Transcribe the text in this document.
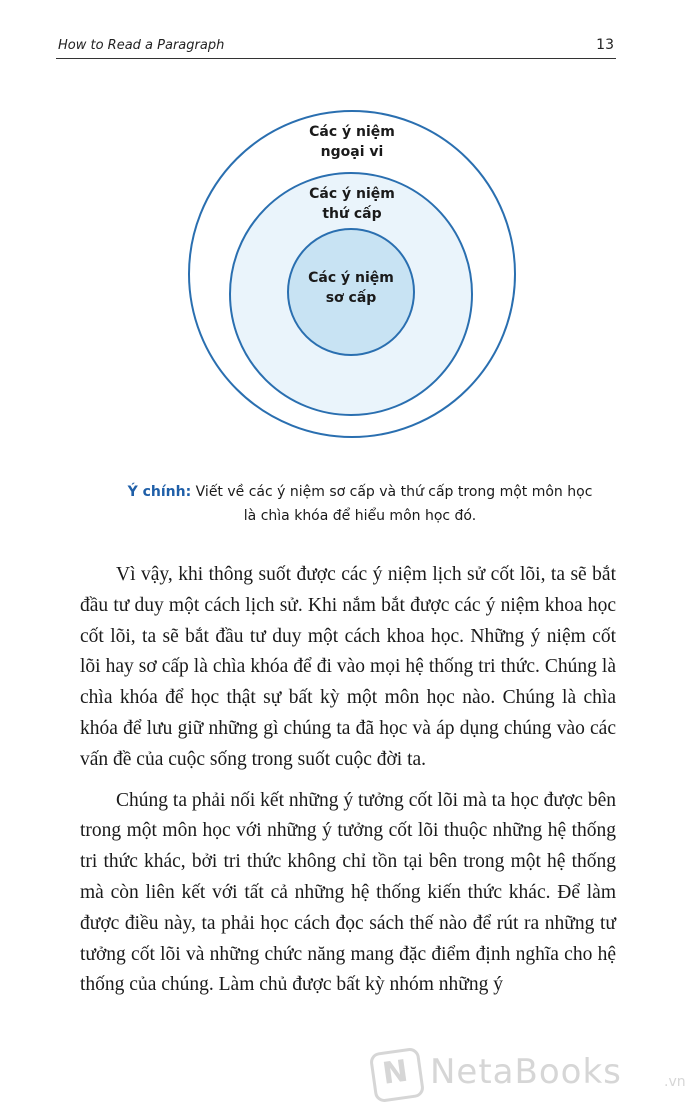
How to Read a Paragraph	13
Các ý niệm
ngoại vi
Các ý niệm
thứ cấp
Các ý niệm
sơ cấp
Ý chính: Viết về các ý niệm sơ cấp và thứ cấp trong một môn học
là chìa khóa để hiểu môn học đó.

Vì vậy, khi thông suốt được các ý niệm lịch sử cốt lõi, ta sẽ bắt đầu tư duy một cách lịch sử. Khi nắm bắt được các ý niệm khoa học cốt lõi, ta sẽ bắt đầu tư duy một cách khoa học. Những ý niệm cốt lõi hay sơ cấp là chìa khóa để đi vào mọi hệ thống tri thức. Chúng là chìa khóa để học thật sự bất kỳ một môn học nào. Chúng là chìa khóa để lưu giữ những gì chúng ta đã học và áp dụng chúng vào các vấn đề của cuộc sống trong suốt cuộc đời ta.

Chúng ta phải nối kết những ý tưởng cốt lõi mà ta học được bên trong một môn học với những ý tưởng cốt lõi thuộc những hệ thống tri thức khác, bởi tri thức không chỉ tồn tại bên trong một hệ thống mà còn liên kết với tất cả những hệ thống kiến thức khác. Để làm được điều này, ta phải học cách đọc sách thế nào để rút ra những tư tưởng cốt lõi và những chức năng mang đặc điểm định nghĩa cho hệ thống của chúng. Làm chủ được bất kỳ nhóm những ý

N NetaBooks	.vn
